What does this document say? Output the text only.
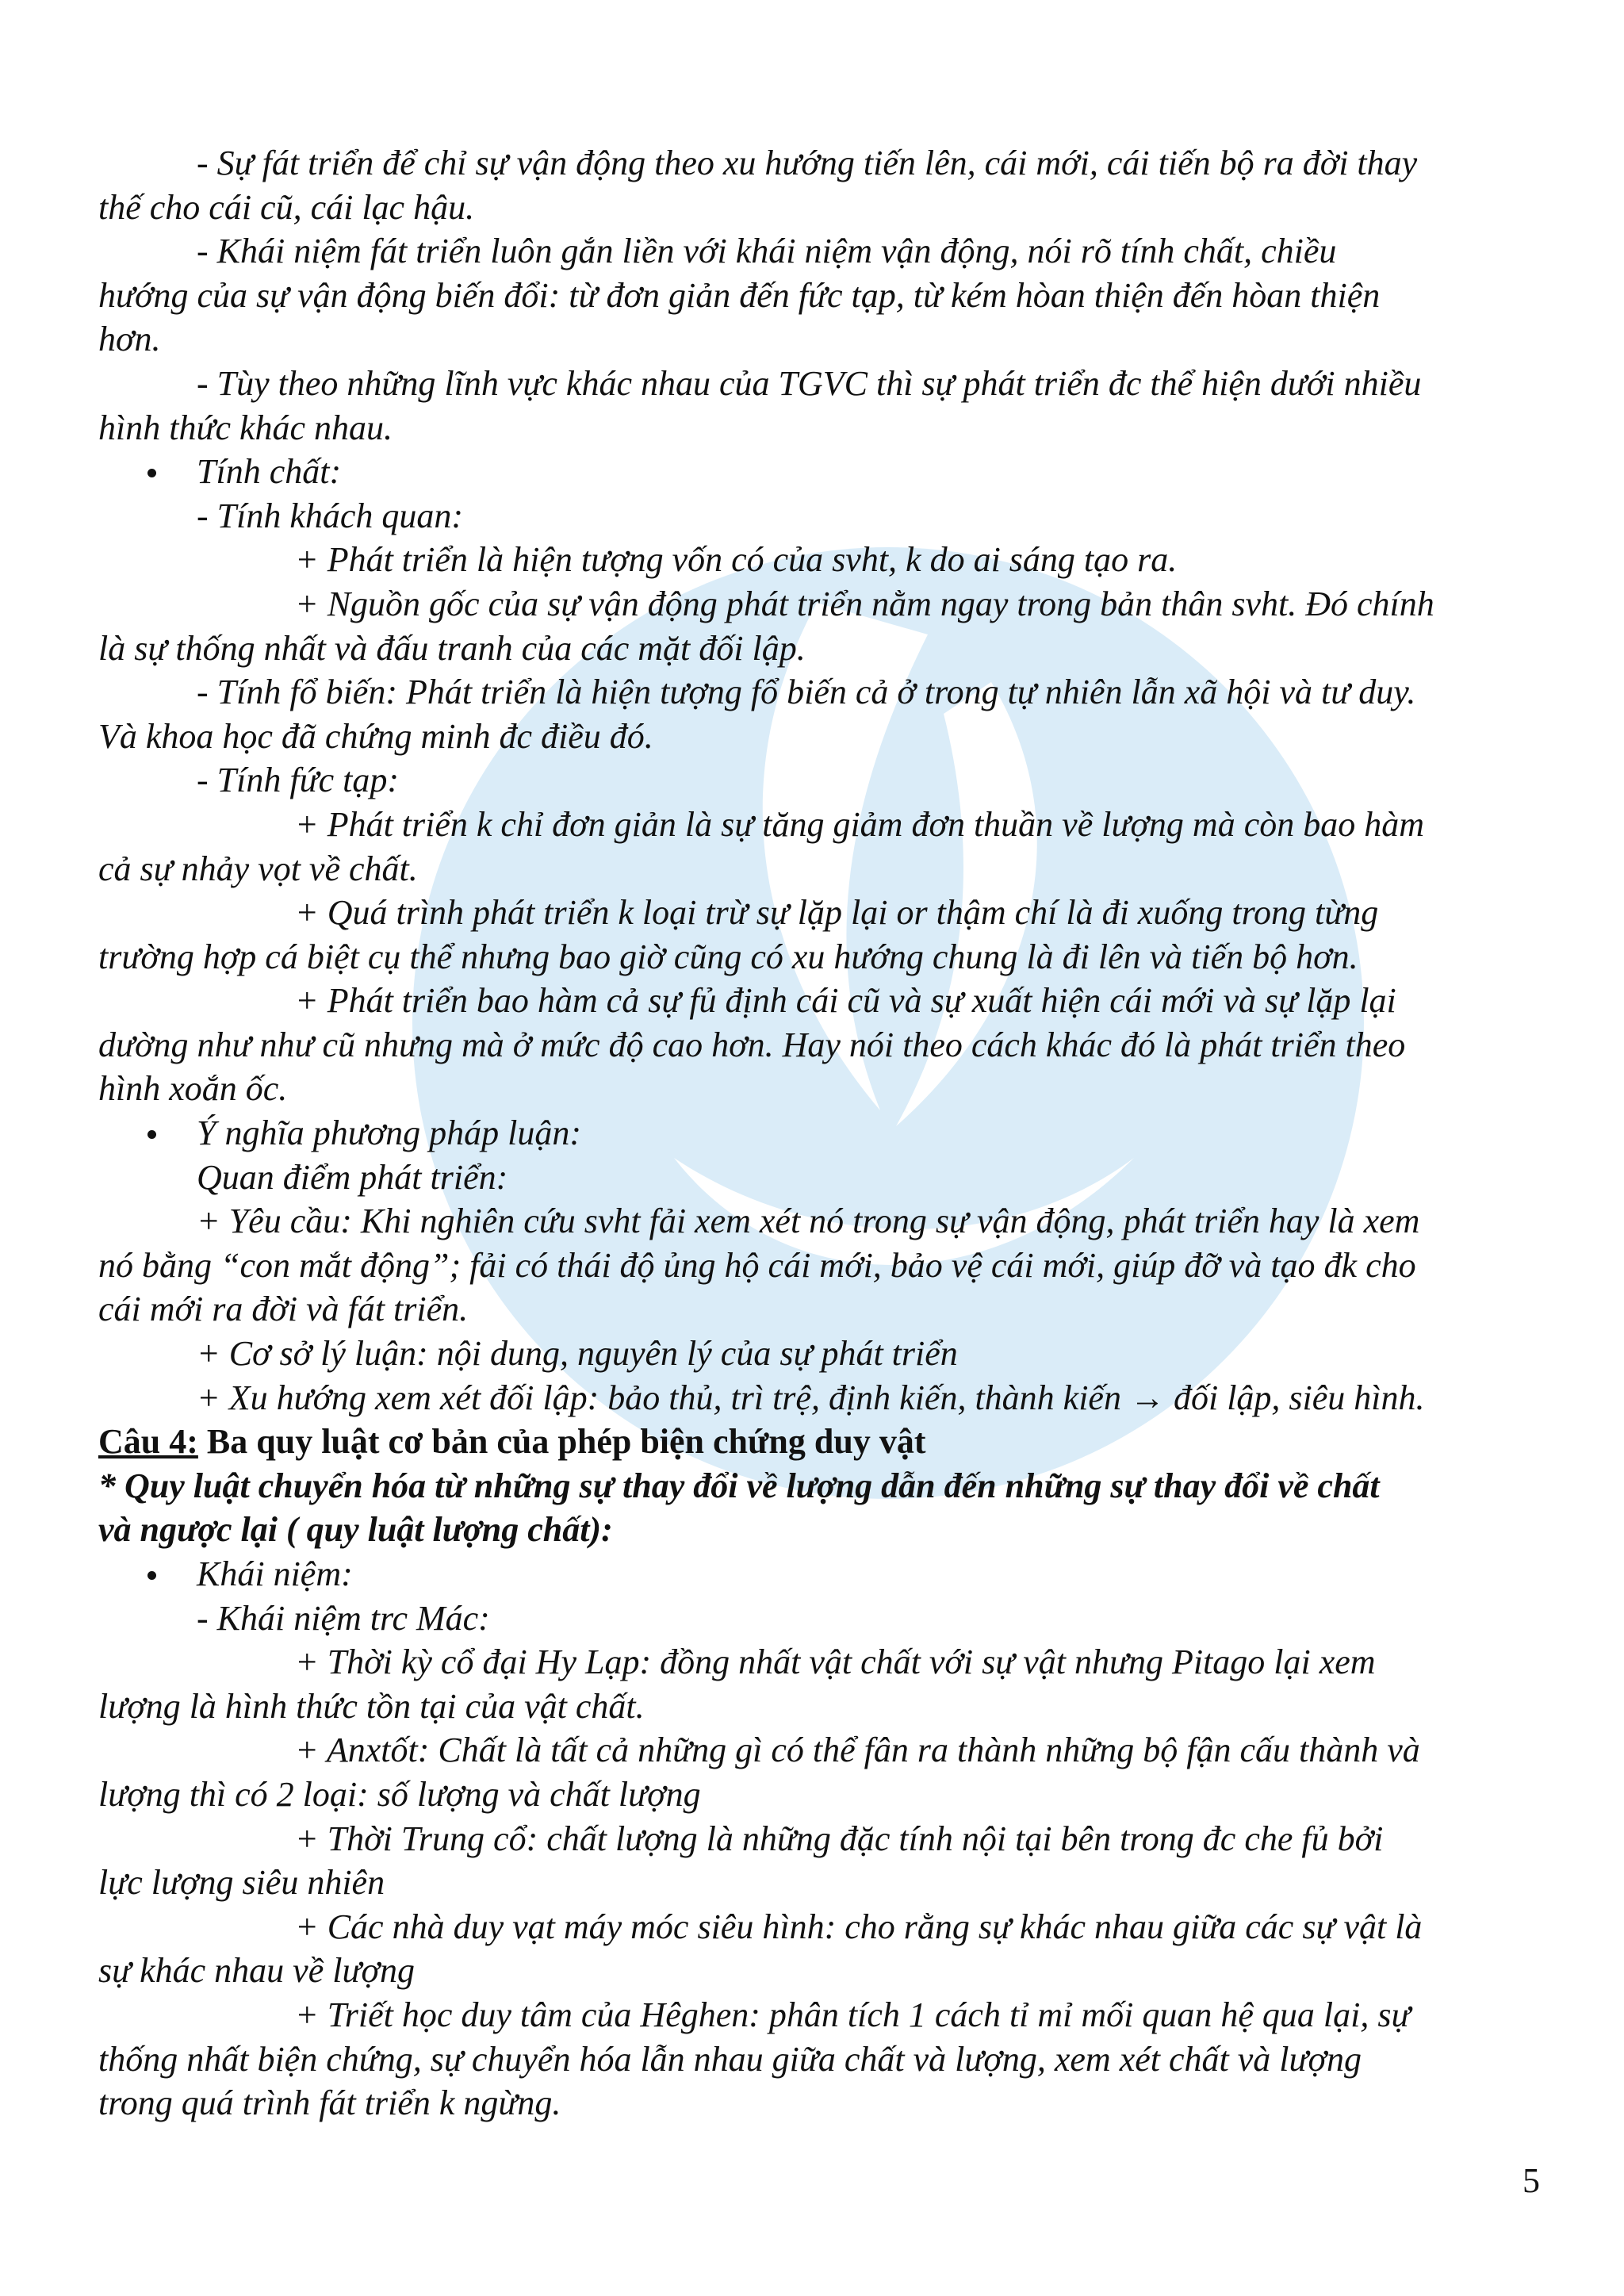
- Sự fát triển để chỉ sự vận động theo xu hướng tiến lên, cái mới, cái tiến bộ ra đời thay
thế cho cái cũ, cái lạc hậu.
- Khái niệm fát triển luôn gắn liền với khái niệm vận động, nói rõ tính chất, chiều
hướng của sự vận động biến đổi: từ đơn giản đến fức tạp, từ kém hòan thiện đến hòan thiện
hơn.
- Tùy theo những lĩnh vực khác nhau của TGVC thì sự phát triển đc thể hiện dưới nhiều
hình thức khác nhau.
Tính chất:
- Tính khách quan:
+ Phát triển là hiện tượng vốn có của svht, k do ai sáng tạo ra.
+ Nguồn gốc của sự vận động phát triển nằm ngay trong bản thân svht. Đó chính
là sự thống nhất và đấu tranh của các mặt đối lập.
- Tính fổ biến: Phát triển là hiện tượng fổ biến cả ở trong tự nhiên lẫn xã hội và tư duy.
Và khoa học đã chứng minh đc điều đó.
- Tính fức tạp:
+ Phát triển k chỉ đơn giản là sự tăng giảm đơn thuần về lượng mà còn bao hàm
cả sự nhảy vọt về chất.
+ Quá trình phát triển k loại trừ sự lặp lại or thậm chí là đi xuống trong từng
trường hợp cá biệt cụ thể nhưng bao giờ cũng có xu hướng chung là đi lên và tiến bộ hơn.
+ Phát triển bao hàm cả sự fủ định cái cũ và sự xuất hiện cái mới và sự lặp lại
dường như như cũ nhưng mà ở mức độ cao hơn. Hay nói theo cách khác đó là phát triển theo
hình xoắn ốc.
Ý nghĩa phương pháp luận:
Quan điểm phát triển:
+ Yêu cầu: Khi nghiên cứu svht fải xem xét nó trong sự vận động, phát triển hay là xem
nó bằng “con mắt động”; fải có thái độ ủng hộ cái mới, bảo vệ cái mới, giúp đỡ và tạo đk cho
cái mới ra đời và fát triển.
+ Cơ sở lý luận: nội dung, nguyên lý của sự phát triển
+ Xu hướng xem xét đối lập: bảo thủ, trì trệ, định kiến, thành kiến → đối lập, siêu hình.
Câu 4: Ba quy luật cơ bản của phép biện chứng duy vật
* Quy luật chuyển hóa từ những sự thay đổi về lượng dẫn đến những sự thay đổi về chất
và ngược lại ( quy luật lượng chất):
Khái niệm:
- Khái niệm trc Mác:
+ Thời kỳ cổ đại Hy Lạp: đồng nhất vật chất với sự vật nhưng Pitago lại xem
lượng là hình thức tồn tại của vật chất.
+ Anxtốt: Chất là tất cả những gì có thể fân ra thành những bộ fận cấu thành và
lượng thì có 2 loại: số lượng và chất lượng
+ Thời Trung cổ: chất lượng là những đặc tính nội tại bên trong đc che fủ bởi
lực lượng siêu nhiên
+ Các nhà duy vạt máy móc siêu hình: cho rằng sự khác nhau giữa các sự vật là
sự khác nhau về lượng
+ Triết học duy tâm của Hêghen: phân tích 1 cách tỉ mỉ mối quan hệ qua lại, sự
thống nhất biện chứng, sự chuyển hóa lẫn nhau giữa chất và lượng, xem xét chất và lượng
trong quá trình fát triển k ngừng.
5
